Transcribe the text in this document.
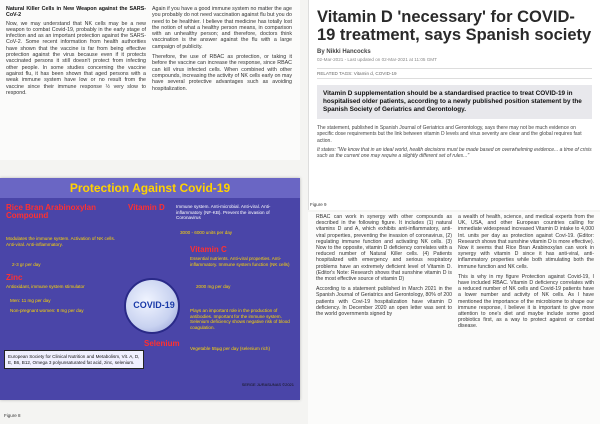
Natural Killer Cells in New Weapon against the SARS-CoV-2

Now, we may understand that NK cells may be a new weapon to combat Covid-19, probably in the early stage of infection and as an important protection against the SARS-CoV-2. Some recent information from health authorities have shown that the vaccine is far from being effective protection against the virus because even if it protects vaccinated persons it still doesn't protect from infecting other people. In some studies concerning the vaccine against flu, it has been shown that aged persons with a weak immune system have low or no result from the vaccine since their immune response ½ very slow to respond.

Again if you have a good immune system no matter the age you probably do not need vaccination against flu but you do need to be healthier. I believe that medicine has totally lost the notion of what a healthy person means, in comparison with an unhealthy person; and therefore, doctors think vaccination is the answer against the flu with a large campaign of publicity.

Therefore, the use of RBAC as protection, or taking it before the vaccine can increase the response, since RBAC can kill virus infected cells. When combined with other compounds, increasing the activity of NK cells early on may have several protective advantages such as avoiding hospitalization.

Protection Against Covid-19
Rice Bran Arabinoxylan Compound
Modulates the immune system. Activation of NK cells. Anti-viral. Anti-inflammatory.
2-3 gr per day
Zinc
Antioxidant, immune system stimulator
Men: 11 mg per day
Non-pregnant women: 8 mg per day
COVID-19
Vitamin D	Immune system. Anti-microbial. Anti-viral. Anti-inflammatory (NF-KB). Prevent the invasion of Coronavirus
3000 - 6000 units per day
Vitamin C
Essential nutrients. Anti-viral properties. Anti-inflammatory. Immune system function (NK cells)
2000 mg per day
Selenium
Plays an important role in the production of antibodies. Important for the immune system. Selenium deficiency shows negative risk of blood coagulation.
Vegetable 55µg per day (selenium rich)
European Society for Clinical Nutrition and Metabolism, Vit. A, D, E, B6, B12, Omega 3 polyunsaturated fat acid, zinc, selenium.
SERGE JURASUNAS ©2021
Figure 8
Vitamin D 'necessary' for COVID-19 treatment, says Spanish society
By Nikki Hancocks
02-Mar-2021 - Last updated on 02-Mar-2021 at 11:05 GMT
RELATED TAGS: Vitamin d, COVID-19
Vitamin D supplementation should be a standardised practice to treat COVID-19 in hospitalised older patients, according to a newly published position statement by the Spanish Society of Geriatrics and Gerontology.
The statement, published in Spanish Journal of Geriatrics and Gerontology, says there may not be much evidence on specific dose requirements but the link between vitamin D levels and virus severity are clear and the global requires fast action.
It states: "We know that in an ideal world, health decisions must be made based on overwhelming evidence... a time of crisis such as the current one may require a slightly different set of rules..."
Figure 9

RBAC can work in synergy with other compounds as described in the following figure. It includes (1) natural vitamins D and A, which exhibits anti-inflammatory, anti-viral properties, preventing the invasion of coronavirus, (2) regulating immune function and activating NK cells. (3) Now to the opposite, vitamin D deficiency correlates with a reduced number of Natural Killer cells. (4) Patients hospitalized with emergency and serious respiratory problems have an extremely deficient level of Vitamin D. (Editor's Note: Research shows that sunshine vitamin D is the most effective source of vitamin D)

According to a statement published in March 2021 in the Spanish Journal of Geriatrics and Gerontology, 80% of 200 patients with Covi-19 hospitalization have vitamin D deficiency. In December 2020 an open letter was sent to the world governments signed by

a wealth of health, science, and medical experts from the UK, USA, and other European countries calling for immediate widespread increased Vitamin D intake to 4,000 Int. units per day as protection against Covi-19. (Editor: Research shows that sunshine vitamin D is more effective). Now it seems that Rice Bran Arabinoxylan can work in synergy with vitamin D since it has anti-viral, anti-inflammatory properties while both stimulating both the immune function and NK cells.

This is why in my figure Protection against Covid-19, I have included RBAC. Vitamin D deficiency correlates with a reduced number of NK cells and Covid-19 patients have a lower number and activity of NK cells. As I have mentioned the importance of the microbiome to shape our immune response, I believe it is important to give more attention to one's diet and maybe include some good probiotics first, as a way to protect against or combat disease.
